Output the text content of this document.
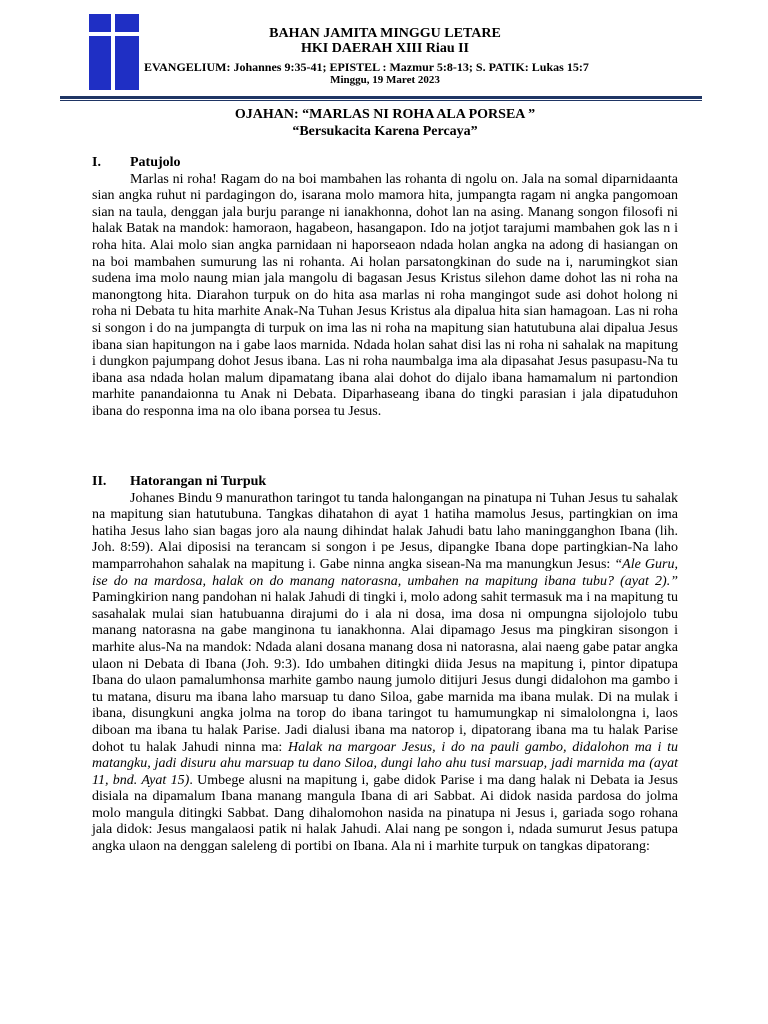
BAHAN JAMITA MINGGU LETARE
HKI DAERAH XIII Riau II
EVANGELIUM: Johannes 9:35-41; EPISTEL : Mazmur 5:8-13; S. PATIK: Lukas 15:7
Minggu, 19 Maret 2023
OJAHAN: “MARLAS NI ROHA ALA PORSEA ”
“Bersukacita Karena Percaya”
I.	Patujolo

Marlas ni roha! Ragam do na boi mambahen las rohanta di ngolu on. Jala na somal diparnidaanta sian angka ruhut ni pardagingon do, isarana molo mamora hita, jumpangta ragam ni angka pangomoan sian na taula, denggan jala burju parange ni ianakhonna, dohot lan na asing. Manang songon filosofi ni halak Batak na mandok: hamoraon, hagabeon, hasangapon. Ido na jotjot tarajumi mambahen gok las n i roha hita. Alai molo sian angka parnidaan ni haporseaon ndada holan angka na adong di hasiangan on na boi mambahen sumurung las ni rohanta. Ai holan parsatongkinan do sude na i, narumingkot sian sudena ima molo naung mian jala mangolu di bagasan Jesus Kristus silehon dame dohot las ni roha na manongtong hita. Diarahon turpuk on do hita asa marlas ni roha mangingot sude asi dohot holong ni roha ni Debata tu hita marhite Anak-Na Tuhan Jesus Kristus ala dipalua hita sian hamagoan. Las ni roha si songon i do na jumpangta di turpuk on ima las ni roha na mapitung sian hatutubuna alai dipalua Jesus ibana sian hapitungon na i gabe laos marnida. Ndada holan sahat disi las ni roha ni sahalak na mapitung i dungkon pajumpang dohot Jesus ibana. Las ni roha naumbalga ima ala dipasahat Jesus pasupasu-Na tu ibana asa ndada holan malum dipamatang ibana alai dohot do dijalo ibana hamamalum ni partondion marhite panandaionna tu Anak ni Debata. Diparhaseang ibana do tingki parasian i jala dipatuduhon ibana do responna ima na olo ibana porsea tu Jesus.

II.	Hatorangan ni Turpuk

Johanes Bindu 9 manurathon taringot tu tanda halongangan na pinatupa ni Tuhan Jesus tu sahalak na mapitung sian hatutubuna. Tangkas dihatahon di ayat 1 hatiha mamolus Jesus, partingkian on ima hatiha Jesus laho sian bagas joro ala naung dihindat halak Jahudi batu laho maningganghon Ibana (lih. Joh. 8:59). Alai diposisi na terancam si songon i pe Jesus, dipangke Ibana dope partingkian-Na laho mamparrohahon sahalak na mapitung i. Gabe ninna angka sisean-Na ma manungkun Jesus: “Ale Guru, ise do na mardosa, halak on do manang natorasna, umbahen na mapitung ibana tubu? (ayat 2).” Pamingkirion nang pandohan ni halak Jahudi di tingki i, molo adong sahit termasuk ma i na mapitung tu sasahalak mulai sian hatubuanna dirajumi do i ala ni dosa, ima dosa ni ompungna sijolojolo tubu manang natorasna na gabe manginona tu ianakhonna. Alai dipamago Jesus ma pingkiran sisongon i marhite alus-Na na mandok: Ndada alani dosana manang dosa ni natorasna, alai naeng gabe patar angka ulaon ni Debata di Ibana (Joh. 9:3). Ido umbahen ditingki diida Jesus na mapitung i, pintor dipatupa Ibana do ulaon pamalumhonsa marhite gambo naung jumolo ditijuri Jesus dungi didalohon ma gambo i tu matana, disuru ma ibana laho marsuap tu dano Siloa, gabe marnida ma ibana mulak. Di na mulak i ibana, disungkuni angka jolma na torop do ibana taringot tu hamumungkap ni simalolongna i, laos diboan ma ibana tu halak Parise. Jadi dialusi ibana ma natorop i, dipatorang ibana ma tu halak Parise dohot tu halak Jahudi ninna ma: Halak na margoar Jesus, i do na pauli gambo, didalohon ma i tu matangku, jadi disuru ahu marsuap tu dano Siloa, dungi laho ahu tusi marsuap, jadi marnida ma (ayat 11, bnd. Ayat 15). Umbege alusni na mapitung i, gabe didok Parise i ma dang halak ni Debata ia Jesus disiala na dipamalum Ibana manang mangula Ibana di ari Sabbat. Ai didok nasida pardosa do jolma molo mangula ditingki Sabbat. Dang dihalomohon nasida na pinatupa ni Jesus i, gariada sogo rohana jala didok: Jesus mangalaosi patik ni halak Jahudi. Alai nang pe songon i, ndada sumurut Jesus patupa angka ulaon na denggan saleleng di portibi on Ibana. Ala ni i marhite turpuk on tangkas dipatorang:
